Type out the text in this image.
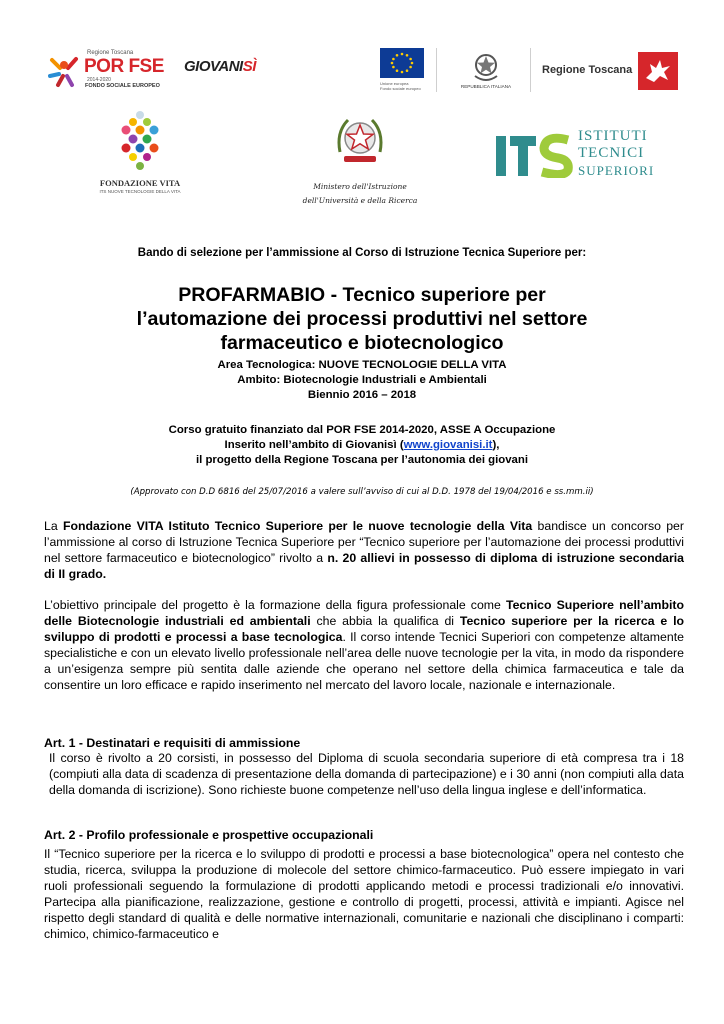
Regione Toscana
POR FSE
2014-2020
FONDO SOCIALE EUROPEO
GIOVANISÌ
Unione europea
Fondo sociale europeo	REPUBBLICA ITALIANA
Regione Toscana
FONDAZIONE VITA
ITS NUOVE TECNOLOGIE DELLA VITA
Ministero dell'Istruzione
dell'Università e della Ricerca
ISTITUTI
TECNICI
SUPERIORI
Bando di selezione per l’ammissione al Corso di Istruzione Tecnica Superiore per:
PROFARMABIO - Tecnico superiore per
l’automazione dei processi produttivi nel settore
farmaceutico e biotecnologico
Area Tecnologica: NUOVE TECNOLOGIE DELLA VITA
Ambito: Biotecnologie Industriali e Ambientali
Biennio 2016 – 2018
Corso gratuito finanziato dal POR FSE 2014-2020, ASSE A Occupazione
Inserito nell’ambito di Giovanisì (www.giovanisi.it),
il progetto della Regione Toscana per l’autonomia dei giovani
(Approvato con D.D 6816 del 25/07/2016 a valere sull’avviso di cui al D.D. 1978 del 19/04/2016 e ss.mm.ii)
La Fondazione VITA Istituto Tecnico Superiore per le nuove tecnologie della Vita bandisce un concorso per l’ammissione al corso di Istruzione Tecnica Superiore per “Tecnico superiore per l’automazione dei processi produttivi nel settore farmaceutico e biotecnologico” rivolto a n. 20 allievi in possesso di diploma di istruzione secondaria di II grado.
L’obiettivo principale del progetto è la formazione della figura professionale come Tecnico Superiore nell’ambito delle Biotecnologie industriali ed ambientali che abbia la qualifica di Tecnico superiore per la ricerca e lo sviluppo di prodotti e processi a base tecnologica. Il corso intende Tecnici Superiori con competenze altamente specialistiche e con un elevato livello professionale nell’area delle nuove tecnologie per la vita, in modo da rispondere a un’esigenza sempre più sentita dalle aziende che operano nel settore della chimica farmaceutica e tale da consentire un loro efficace e rapido inserimento nel mercato del lavoro locale, nazionale e internazionale.
Art. 1 - Destinatari e requisiti di ammissione
Il corso è rivolto a 20 corsisti, in possesso del Diploma di scuola secondaria superiore di età compresa tra i 18 (compiuti alla data di scadenza di presentazione della domanda di partecipazione) e i 30 anni (non compiuti alla data della domanda di iscrizione). Sono richieste buone competenze nell’uso della lingua inglese e dell’informatica.
Art. 2 - Profilo professionale e prospettive occupazionali
Il “Tecnico superiore per la ricerca e lo sviluppo di prodotti e processi a base biotecnologica” opera nel contesto che studia, ricerca, sviluppa la produzione di molecole del settore chimico-farmaceutico. Può essere impiegato in vari ruoli professionali seguendo la formulazione di prodotti applicando metodi e processi tradizionali e/o innovativi. Partecipa alla pianificazione, realizzazione, gestione e controllo di progetti, processi, attività e impianti. Agisce nel rispetto degli standard di qualità e delle normative internazionali, comunitarie e nazionali che disciplinano i comparti: chimico, chimico-farmaceutico e
